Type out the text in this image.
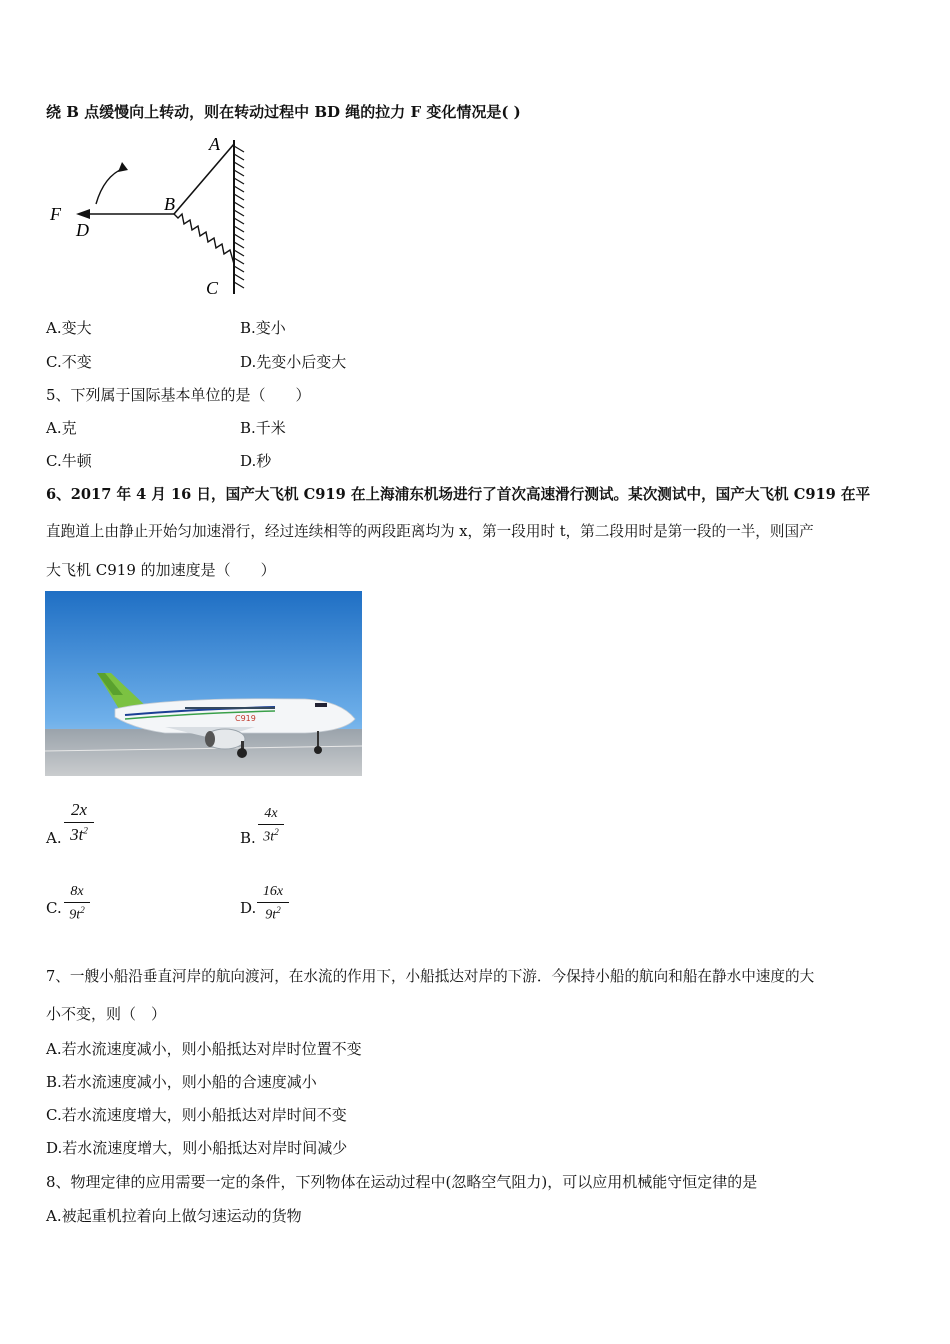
绕 B 点缓慢向上转动，则在转动过程中 BD 绳的拉力 F 变化情况是( )
A
B
C
D
F
A.变大	B.变小
C.不变	D.先变小后变大
5、下列属于国际基本单位的是（　　）
A.克	B.千米
C.牛顿	D.秒
6、2017 年 4 月 16 日，国产大飞机 C919 在上海浦东机场进行了首次高速滑行测试。某次测试中，国产大飞机 C919 在平
直跑道上由静止开始匀加速滑行，经过连续相等的两段距离均为 x，第一段用时 t，第二段用时是第一段的一半，则国产
大飞机 C919 的加速度是（　　）
C919
A.
2x
$3t^2$	B.
4x
$3t^2$
C.
8x
$9t^2$	D.
16x
$9t^2$
7、一艘小船沿垂直河岸的航向渡河，在水流的作用下，小船抵达对岸的下游．今保持小船的航向和船在静水中速度的大
小不变，则（　）
A.若水流速度减小，则小船抵达对岸时位置不变
B.若水流速度减小，则小船的合速度减小
C.若水流速度增大，则小船抵达对岸时间不变
D.若水流速度增大，则小船抵达对岸时间减少
8、物理定律的应用需要一定的条件，下列物体在运动过程中(忽略空气阻力)，可以应用机械能守恒定律的是
A.被起重机拉着向上做匀速运动的货物
